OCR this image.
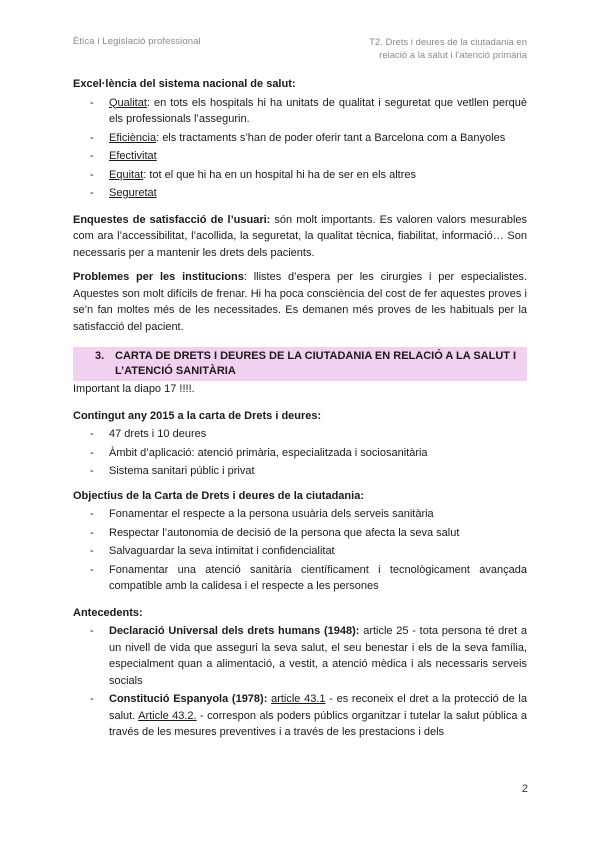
Ètica i Legislació professional	T2. Drets i deures de la ciutadania en
relació a la salut i l’atenció primària

Excel·lència del sistema nacional de salut:

- Qualitat: en tots els hospitals hi ha unitats de qualitat i seguretat que vetllen perquè els professionals l’assegurin.
- Eficiència: els tractaments s’han de poder oferir tant a Barcelona com a Banyoles
- Efectivitat
- Equitat: tot el que hi ha en un hospital hi ha de ser en els altres
- Seguretat

Enquestes de satisfacció de l’usuari: són molt importants. Es valoren valors mesurables com ara l’accessibilitat, l’acollida, la seguretat, la qualitat tècnica, fiabilitat, informació… Son necessaris per a mantenir les drets dels pacients.

Problemes per les institucions: llistes d’espera per les cirurgies i per especialistes. Aquestes son molt difícils de frenar. Hi ha poca consciència del cost de fer aquestes proves i se’n fan moltes més de les necessitades. Es demanen més proves de les habituals per la satisfacció del pacient.

3. CARTA DE DRETS I DEURES DE LA CIUTADANIA EN RELACIÓ A LA SALUT I L’ATENCIÓ SANITÀRIA

Important la diapo 17 !!!!.

Contingut any 2015 a la carta de Drets i deures:

- 47 drets i 10 deures
- Àmbit d’aplicació: atenció primària, especialitzada i sociosanitària
- Sistema sanitari públic i privat

Objectius de la Carta de Drets i deures de la ciutadania:

- Fonamentar el respecte a la persona usuària dels serveis sanitària
- Respectar l’autonomia de decisió de la persona que afecta la seva salut
- Salvaguardar la seva intimitat i confidencialitat
- Fonamentar una atenció sanitària científicament i tecnològicament avançada compatible amb la calidesa i el respecte a les persones

Antecedents:

- Declaració Universal dels drets humans (1948): article 25 - tota persona té dret a un nivell de vida que asseguri la seva salut, el seu benestar i els de la seva família, especialment quan a alimentació, a vestit, a atenció mèdica i als necessaris serveis socials
- Constitució Espanyola (1978): article 43.1 - es reconeix el dret a la protecció de la salut. Article 43.2. - correspon als poders públics organitzar i tutelar la salut pública a través de les mesures preventives i a través de les prestacions i dels
2
